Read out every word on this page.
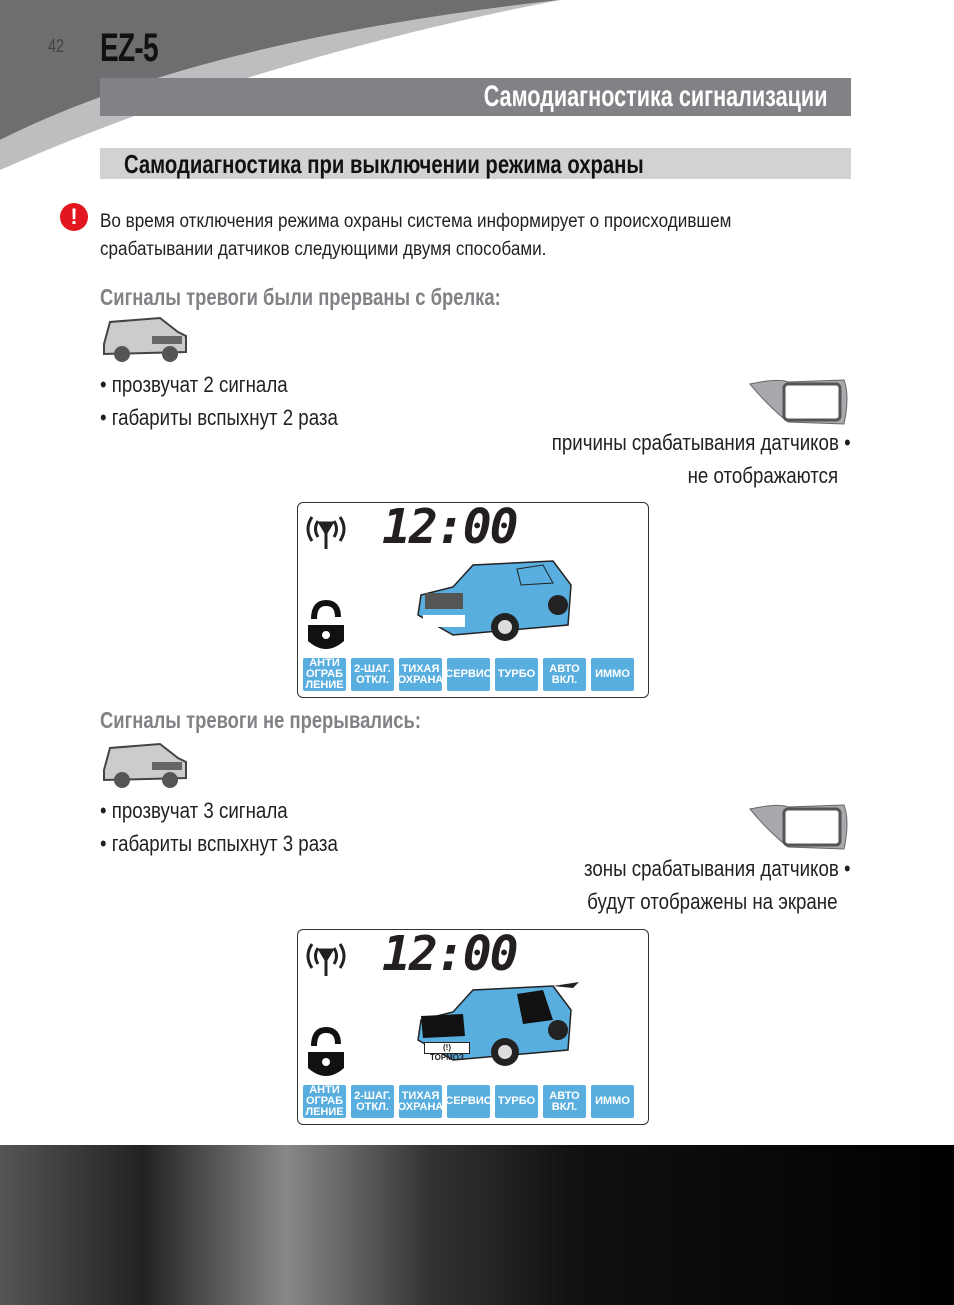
42 EZ-5
Самодиагностика сигнализации
Самодиагностика при выключении режима охраны
!	Во время отключения режима охраны система информирует о происходившем срабатывании датчиков следующими двумя способами.
Сигналы тревоги были прерваны с брелка:
• прозвучат 2 сигнала
• габариты вспыхнут 2 раза
причины срабатывания датчиков •
не отображаются
12:00
АНТИ ОГРАБ ЛЕНИЕ
2-ШАГ. ОТКЛ.
ТИХАЯ ОХРАНА СЕРВИС ТУРБО	АВТО ВКЛ.	ИММО
Сигналы тревоги не прерывались:
• прозвучат 3 сигнала
• габариты вспыхнут 3 раза
зоны срабатывания датчиков •
будут отображены на экране
12:00
(!) ТОРМОЗ
АНТИ ОГРАБ ЛЕНИЕ
2-ШАГ. ОТКЛ.
ТИХАЯ ОХРАНА СЕРВИС ТУРБО	АВТО ВКЛ.	ИММО
